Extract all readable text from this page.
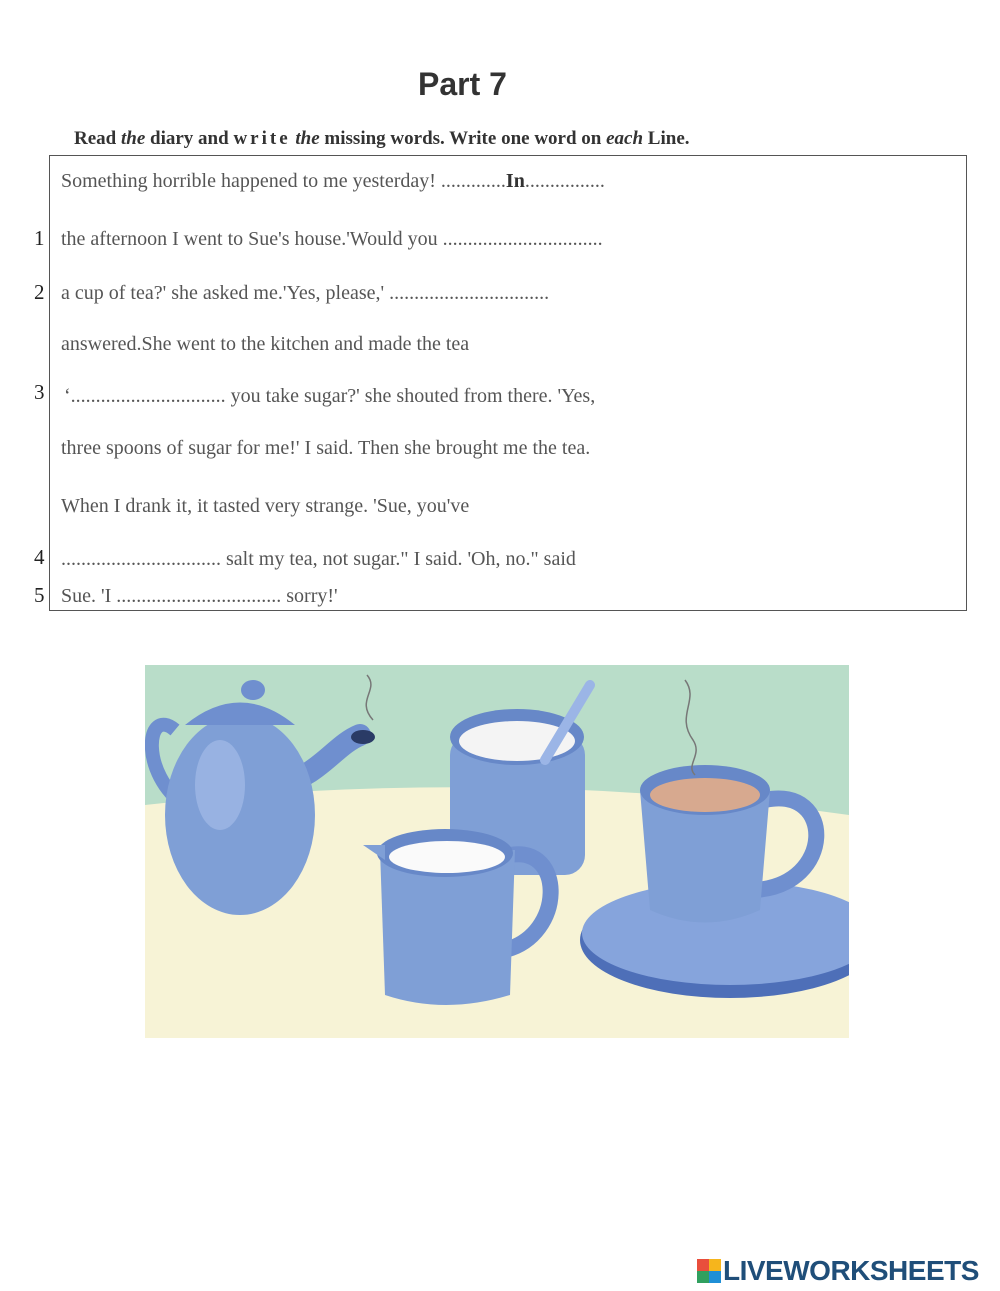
Part 7
Read the diary and write the missing words. Write one word on each Line.
Something horrible happened to me yesterday! .............In................
the afternoon I went to Sue's house.'Would you ................................
a cup of tea?' she asked me.'Yes, please,' ................................
answered.She went to the kitchen and made the tea
‘............................... you take sugar?' she shouted from there. 'Yes,
three spoons of sugar for me!' I said. Then she brought me the tea.
When I drank it, it tasted very strange. 'Sue, you've
................................ salt my tea, not sugar." I said. 'Oh, no." said
Sue. 'I ................................. sorry!'
1
2
3
4
5
LIVEWORKSHEETS
